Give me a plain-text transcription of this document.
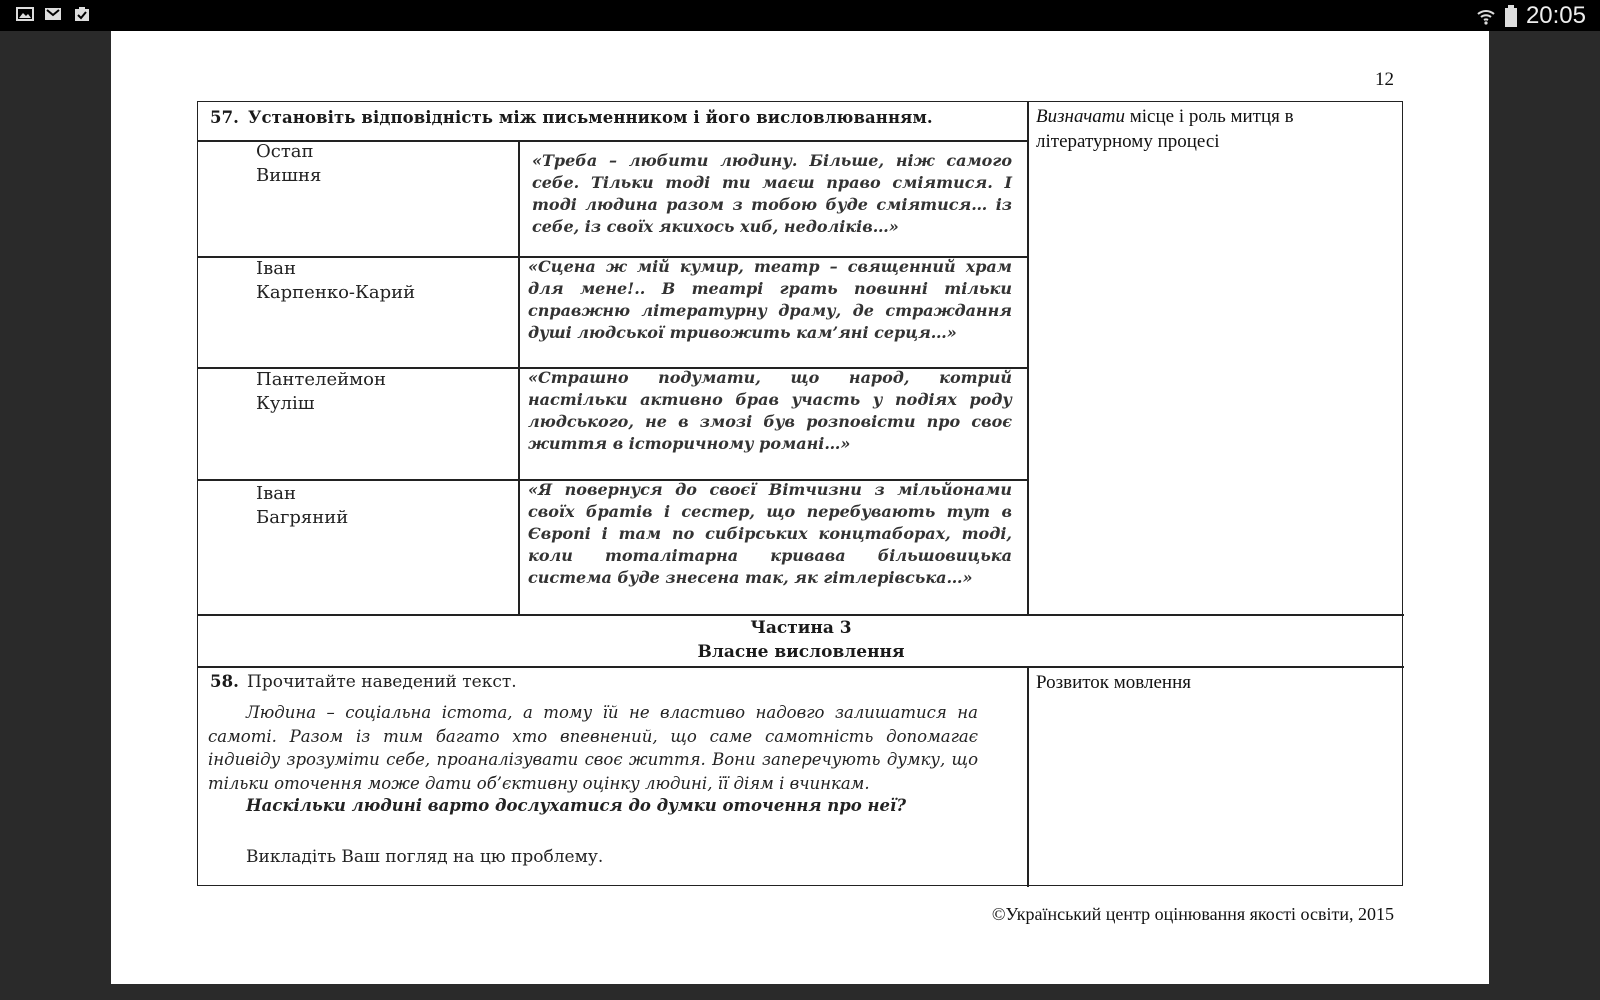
20:05
12
57. Установіть відповідність між письменником і його висловлюванням.	Визначати місце і роль митця в літературному процесі
Остап
Вишня
«Треба – любити людину. Більше, ніж самого себе. Тільки тоді ти маєш право сміятися. І тоді людина разом з тобою буде сміятися… із себе, із своїх якихось хиб, недоліків…»
Іван
Карпенко-Карий
«Сцена ж мій кумир, театр – священний храм для мене!.. В театрі грать повинні тільки справжню літературну драму, де страждання душі людської тривожить кам’яні серця…»
Пантелеймон
Куліш
«Страшно подумати, що народ, котрий настільки активно брав участь у подіях роду людського, не в змозі був розповісти про своє життя в історичному романі…»
Іван
Багряний
«Я повернуся до своєї Вітчизни з мільйонами своїх братів і сестер, що перебувають тут в Європі і там по сибірських концтаборах, тоді, коли тоталітарна кривава більшовицька система буде знесена так, як гітлерівська…»
Частина 3
Власне висловлення
58. Прочитайте наведений текст.	Розвиток мовлення
Людина – соціальна істота, а тому їй не властиво надовго залишатися на самоті. Разом із тим багато хто впевнений, що саме самотність допомагає індивіду зрозуміти себе, проаналізувати своє життя. Вони заперечують думку, що тільки оточення може дати об’єктивну оцінку людині, її діям і вчинкам.
Наскільки людині варто дослухатися до думки оточення про неї?
Викладіть Ваш погляд на цю проблему.
©Український центр оцінювання якості освіти, 2015
